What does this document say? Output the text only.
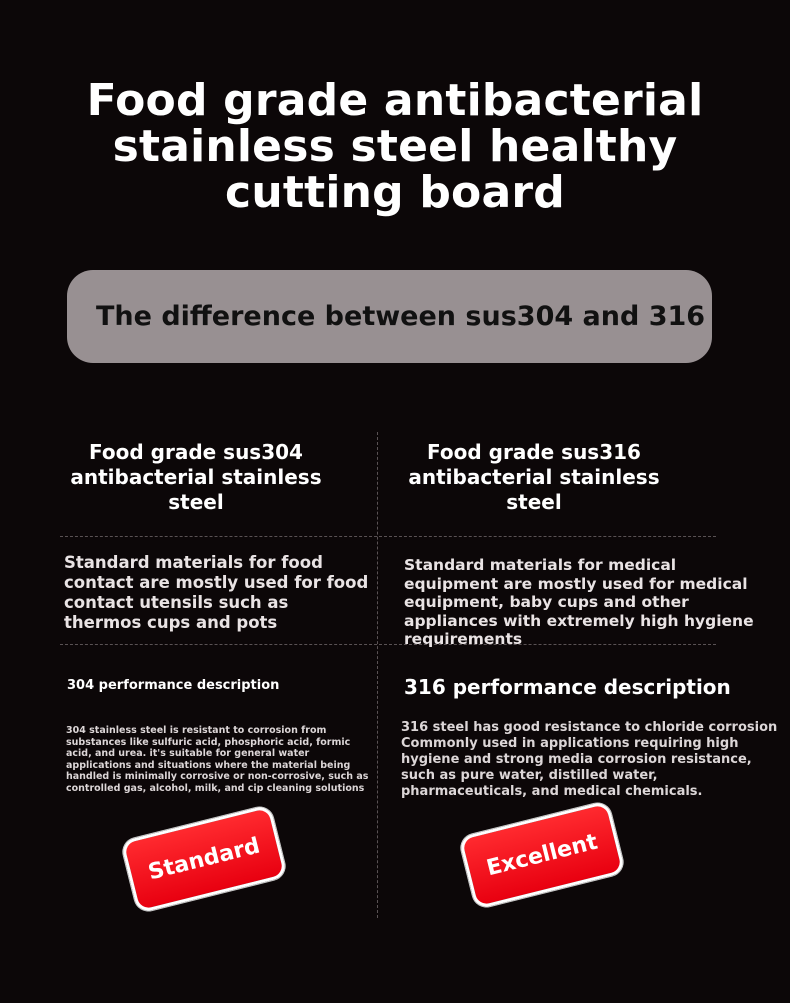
Food grade antibacterial stainless steel healthy cutting board
The difference between sus304 and 316
Food grade sus304 antibacterial stainless steel
Food grade sus316 antibacterial stainless steel

Standard materials for food contact are mostly used for food contact utensils such as thermos cups and pots

Standard materials for medical equipment are mostly used for medical equipment, baby cups and other appliances with extremely high hygiene requirements

304 performance description	316 performance description

304 stainless steel is resistant to corrosion from substances like sulfuric acid, phosphoric acid, formic acid, and urea. it's suitable for general water applications and situations where the material being handled is minimally corrosive or non-corrosive, such as controlled gas, alcohol, milk, and cip cleaning solutions

316 steel has good resistance to chloride corrosion Commonly used in applications requiring high hygiene and strong media corrosion resistance, such as pure water, distilled water, pharmaceuticals, and medical chemicals.

Standard	Excellent
